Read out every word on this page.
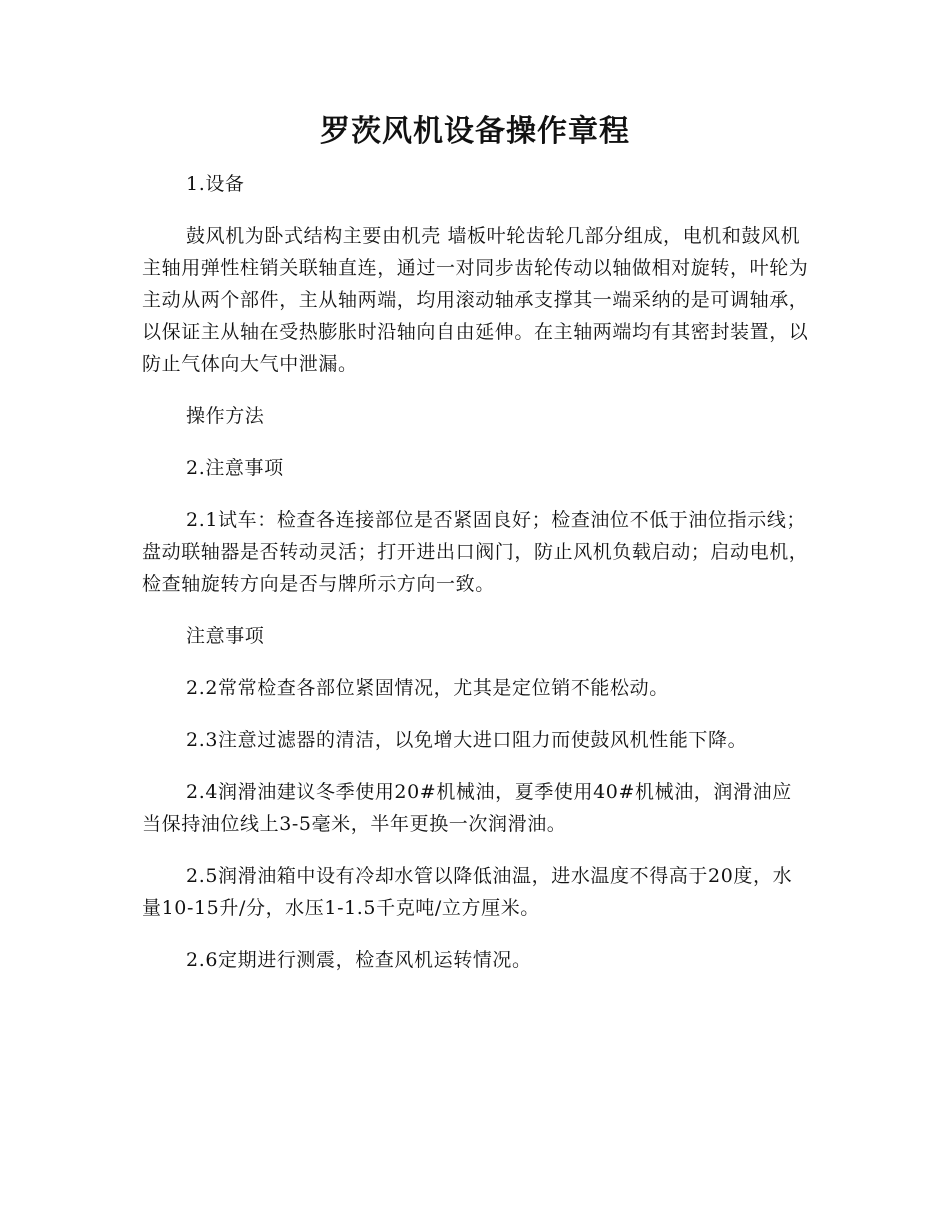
罗茨风机设备操作章程

1.设备

鼓风机为卧式结构主要由机壳 墙板叶轮齿轮几部分组成，电机和鼓风机主轴用弹性柱销关联轴直连，通过一对同步齿轮传动以轴做相对旋转，叶轮为主动从两个部件，主从轴两端，均用滚动轴承支撑其一端采纳的是可调轴承，以保证主从轴在受热膨胀时沿轴向自由延伸。在主轴两端均有其密封装置，以防止气体向大气中泄漏。

操作方法

2.注意事项

2.1试车：检查各连接部位是否紧固良好；检查油位不低于油位指示线；盘动联轴器是否转动灵活；打开进出口阀门，防止风机负载启动；启动电机，检查轴旋转方向是否与牌所示方向一致。

注意事项

2.2常常检查各部位紧固情况，尤其是定位销不能松动。

2.3注意过滤器的清洁，以免增大进口阻力而使鼓风机性能下降。

2.4润滑油建议冬季使用20#机械油，夏季使用40#机械油，润滑油应当保持油位线上3-5毫米，半年更换一次润滑油。

2.5润滑油箱中设有冷却水管以降低油温，进水温度不得高于20度，水量10-15升/分，水压1-1.5千克吨/立方厘米。

2.6定期进行测震，检查风机运转情况。
